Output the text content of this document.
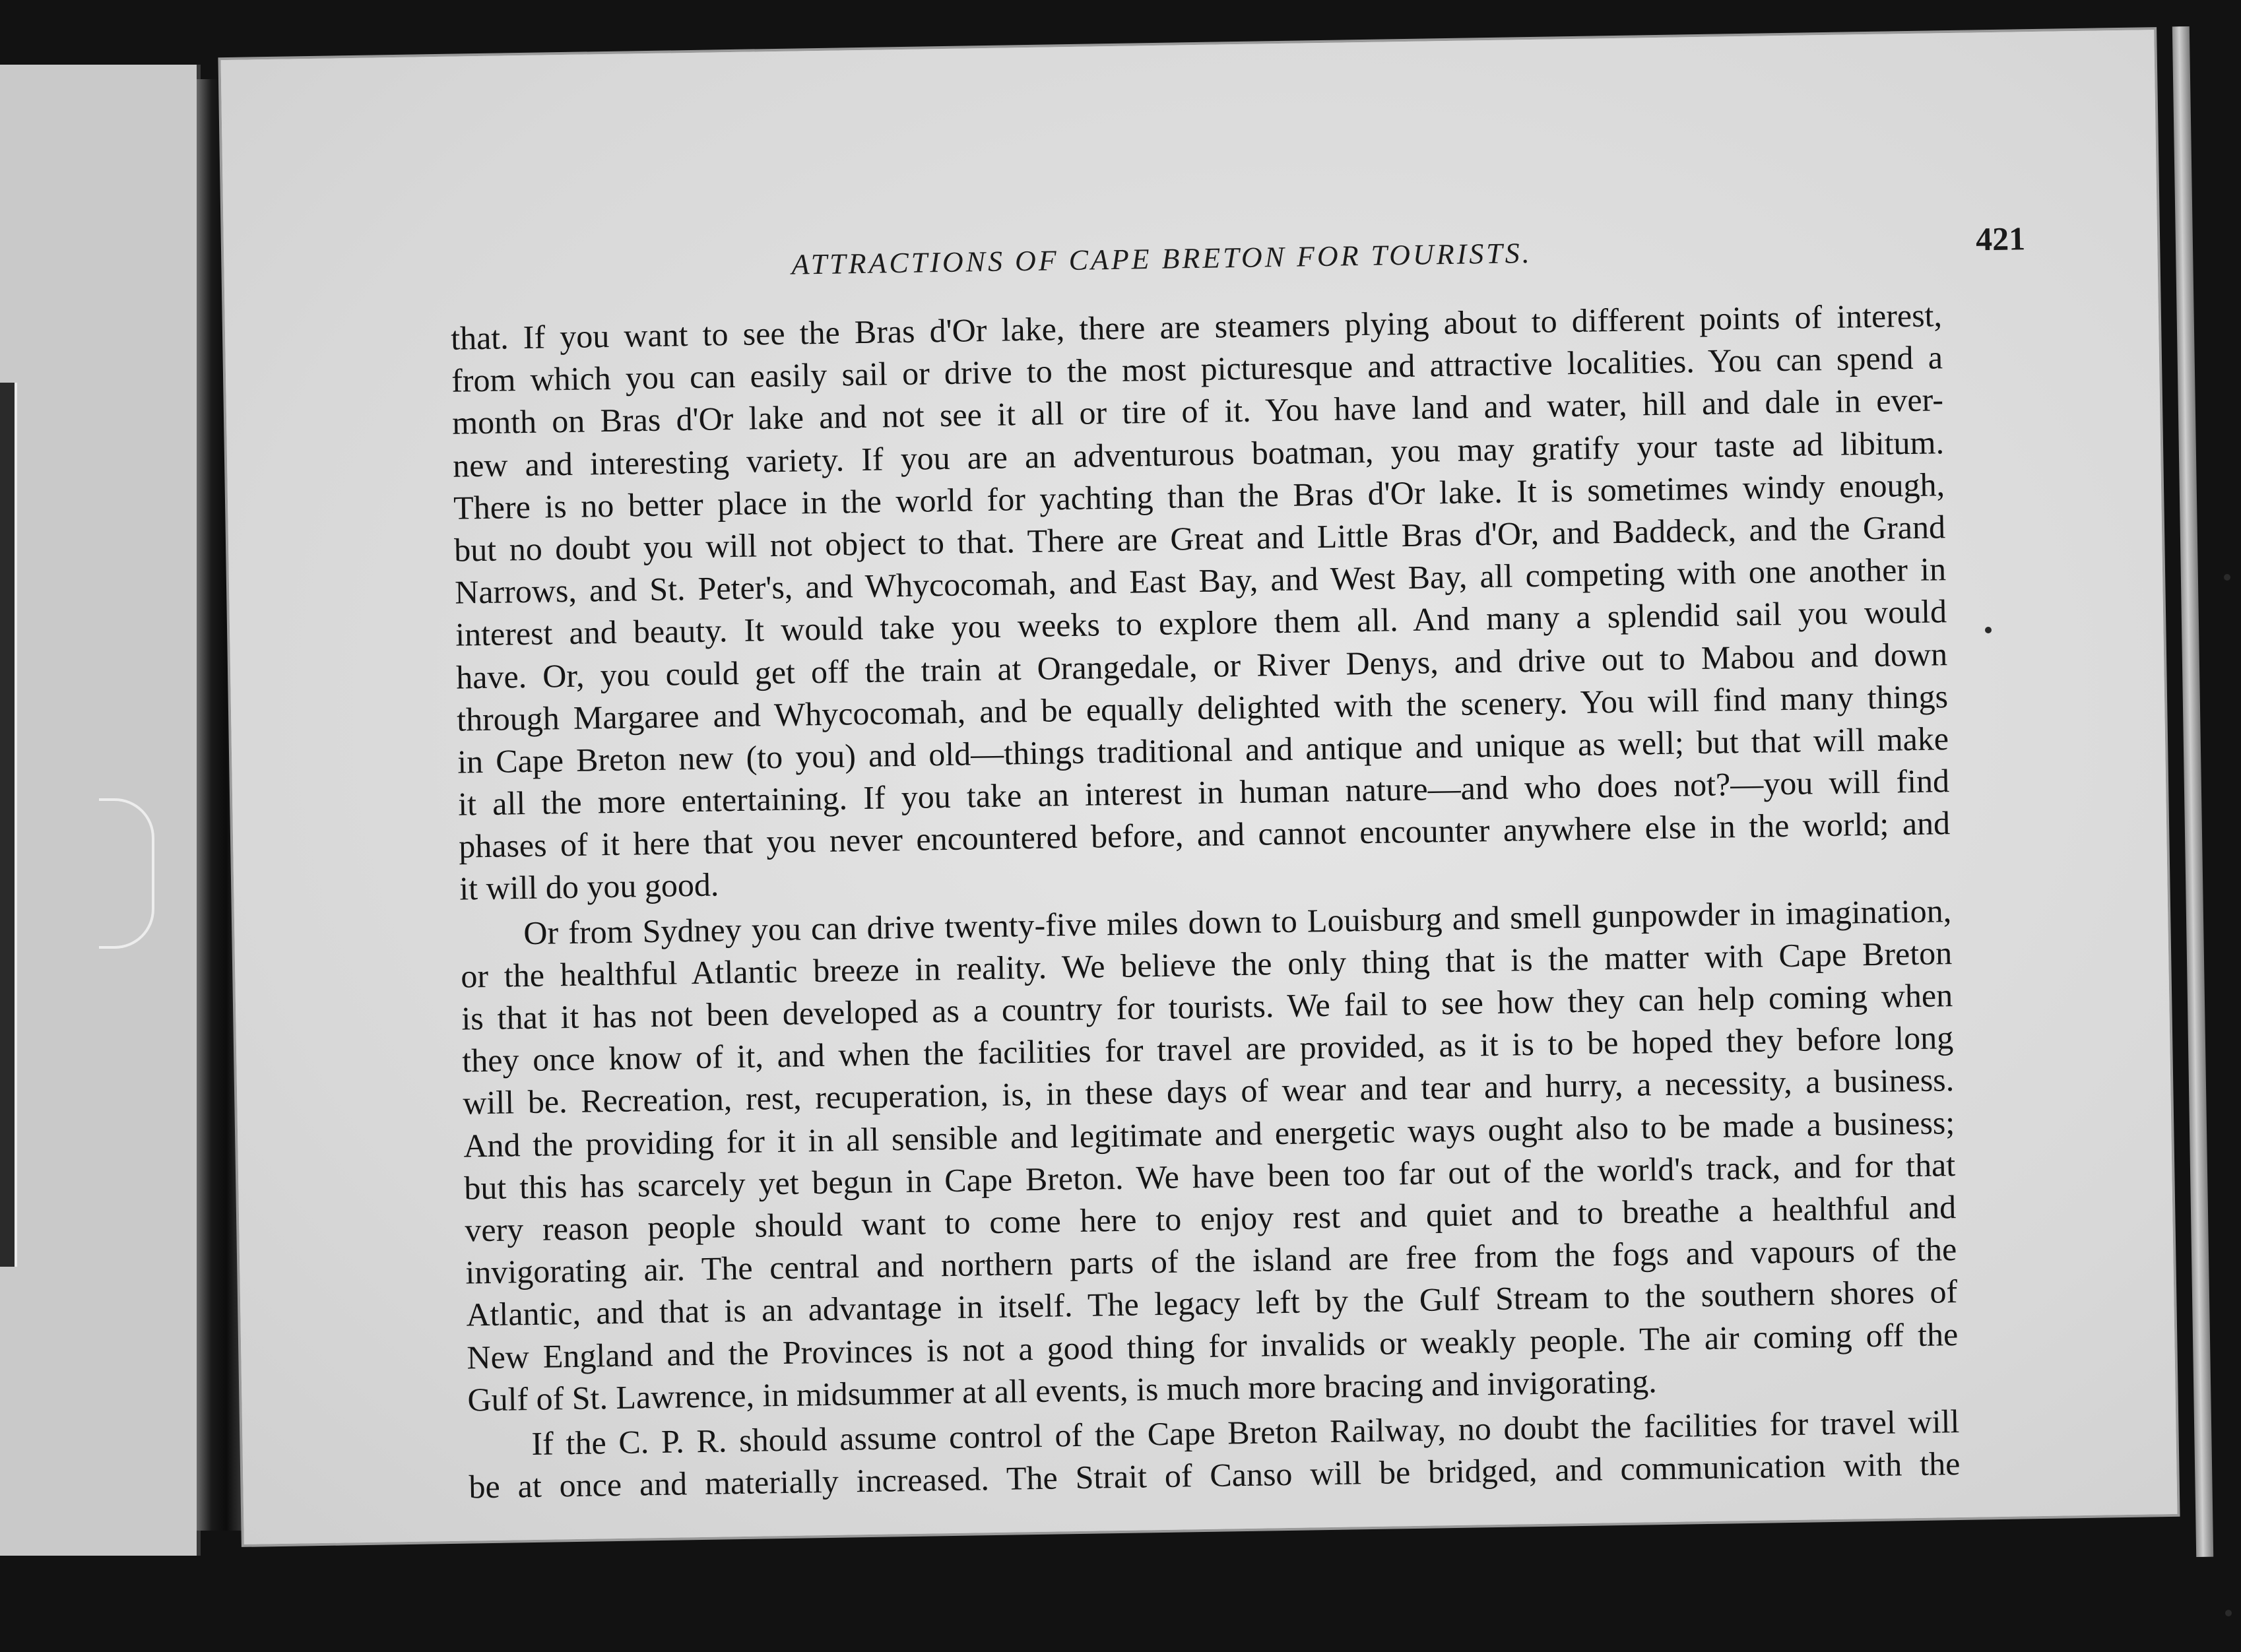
ATTRACTIONS OF CAPE BRETON FOR TOURISTS.	421
that. If you want to see the Bras d'Or lake, there are steamers plying about to different points of interest,
from which you can easily sail or drive to the most picturesque and attractive localities. You can spend a
month on Bras d'Or lake and not see it all or tire of it. You have land and water, hill and dale in ever-
new and interesting variety. If you are an adventurous boatman, you may gratify your taste ad libitum.
There is no better place in the world for yachting than the Bras d'Or lake. It is sometimes windy enough,
but no doubt you will not object to that. There are Great and Little Bras d'Or, and Baddeck, and the Grand
Narrows, and St. Peter's, and Whycocomah, and East Bay, and West Bay, all competing with one another in
interest and beauty. It would take you weeks to explore them all. And many a splendid sail you would
have. Or, you could get off the train at Orangedale, or River Denys, and drive out to Mabou and down
through Margaree and Whycocomah, and be equally delighted with the scenery. You will find many things
in Cape Breton new (to you) and old—things traditional and antique and unique as well; but that will make
it all the more entertaining. If you take an interest in human nature—and who does not?—you will find
phases of it here that you never encountered before, and cannot encounter anywhere else in the world; and
it will do you good.
Or from Sydney you can drive twenty-five miles down to Louisburg and smell gunpowder in imagination,
or the healthful Atlantic breeze in reality. We believe the only thing that is the matter with Cape Breton
is that it has not been developed as a country for tourists. We fail to see how they can help coming when
they once know of it, and when the facilities for travel are provided, as it is to be hoped they before long
will be. Recreation, rest, recuperation, is, in these days of wear and tear and hurry, a necessity, a business.
And the providing for it in all sensible and legitimate and energetic ways ought also to be made a business;
but this has scarcely yet begun in Cape Breton. We have been too far out of the world's track, and for that
very reason people should want to come here to enjoy rest and quiet and to breathe a healthful and
invigorating air. The central and northern parts of the island are free from the fogs and vapours of the
Atlantic, and that is an advantage in itself. The legacy left by the Gulf Stream to the southern shores of
New England and the Provinces is not a good thing for invalids or weakly people. The air coming off the
Gulf of St. Lawrence, in midsummer at all events, is much more bracing and invigorating.
If the C. P. R. should assume control of the Cape Breton Railway, no doubt the facilities for travel will
be at once and materially increased. The Strait of Canso will be bridged, and communication with the
